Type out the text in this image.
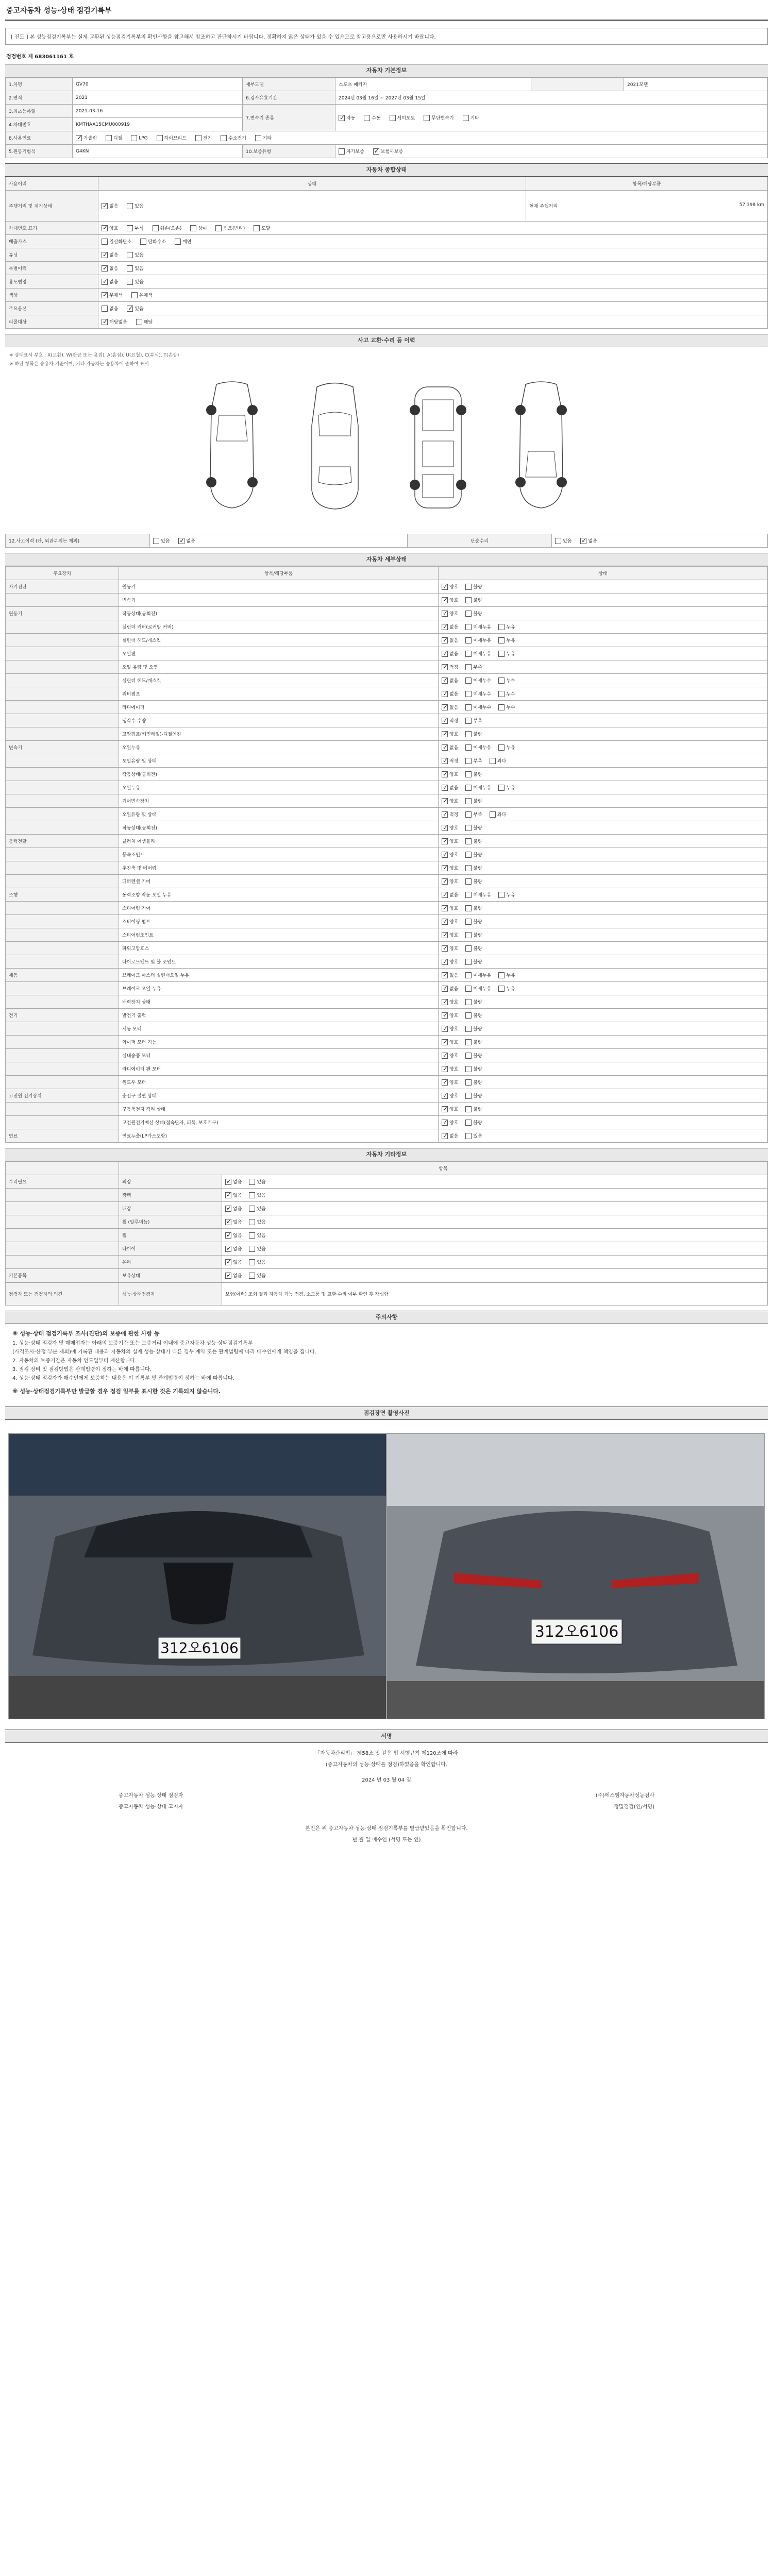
중고자동차 성능·상태 점검기록부
[ 진도 ] 본 성능점검기록부는 실제 교환된 성능점검기록부의 확인사항을 참고해서 참조하고 판단하시기 바랍니다. 정확하지 않은 상태가 있을 수 있으므로 참고용으로만 사용하시기 바랍니다.
점검번호 제 683061161 호
자동차 기본정보
1.차명	GV70	세부모델	스포츠 패키지		2021모델
2.연식	2021	6.검사유효기간	2024년 03월 16일 ~ 2027년 03월 15일		
3.최초등록일	2021-03-16	7.변속기 종류	✓자동 수동 세미오토 무단변속기 기타
4.차대번호	KMTHAA15CMU000919				
8.사용연료	✓가솔린 디젤 LPG 하이브리드 전기 수소전기 기타
5.원동기형식	G4KN	10.보증유형	자가보증 ✓ 보험사보증
자동차 종합상태
사용이력	상태	항목/해당부품
주행거리 및 계기상태	✓없음 있음	현재 주행거리 57,398 km

차대번호 표기	✓양호 부식 훼손(오손) 상이 변조(변타) 도말
배출가스	일산화탄소 탄화수소 매연	
튜닝	✓없음 있음
특별이력	✓없음 있음
용도변경	✓없음 있음
색상	✓무채색 유채색
주요옵션	없음 ✓ 있음
리콜대상	✓해당없음 해당
사고 교환·수리 등 이력
※ 상태표시 부호 : X(교환), W(판금 또는 용접), A(흠집), U(요철), C(부식), T(손상)
※ 하단 항목은 승용차 기준이며, 기타 자동차는 승용차에 준하여 표시
12.사고이력 (단, 외판부위는 제외)	있음 ✓	없음	단순수리	있음 ✓	없음
자동차 세부상태
주요장치	항목/해당부품	상태
자기진단	원동기	✓양호 불량
	변속기	✓양호 불량
원동기	작동상태(공회전)	✓양호 불량
	실린더 커버(로커암 커버)	✓없음 미세누유 누유
	실린더 헤드/개스킷	✓없음 미세누유 누유
	오일팬	✓없음 미세누유 누유
	오일 유량 및 오염	✓적정 부족
	실린더 헤드/개스킷	✓없음 미세누수 누수
	워터펌프	✓없음 미세누수 누수
	라디에이터	✓없음 미세누수 누수
	냉각수 수량	✓적정 부족
	고압펌프(커먼레일)-디젤엔진	✓양호 불량
변속기	오일누유	✓없음 미세누유 누유
	오일유량 및 상태	✓적정 부족 과다
	작동상태(공회전)	✓양호 불량
	오일누유	✓없음 미세누유 누유
	기어변속장치	✓양호 불량
	오일유량 및 상태	✓적정 부족 과다
	작동상태(공회전)	✓양호 불량
동력전달	클러치 어셈블리	✓양호 불량
	등속조인트	✓양호 불량
	추진축 및 베어링	✓양호 불량
	디퍼렌셜 기어	✓양호 불량
조향	동력조향 작동 오일 누유	✓없음 미세누유 누유
	스티어링 기어	✓양호 불량
	스티어링 펌프	✓양호 불량
	스티어링조인트	✓양호 불량
	파워고압호스	✓양호 불량
	타이로드엔드 및 볼 조인트	✓양호 불량
제동	브레이크 마스터 실린더오일 누유	✓없음 미세누유 누유
	브레이크 오일 누유	✓없음 미세누유 누유
	배력장치 상태	✓양호 불량
전기	발전기 출력	✓양호 불량
	시동 모터	✓양호 불량
	와이퍼 모터 기능	✓양호 불량
	실내송풍 모터	✓양호 불량
	라디에이터 팬 모터	✓양호 불량
	윈도우 모터	✓양호 불량
고전원 전기장치	충전구 절연 상태	✓양호 불량
	구동축전지 격리 상태	✓양호 불량
	고전원전기배선 상태(접속단자, 피복, 보호기구)	✓양호 불량
연료	연료누출(LP가스포함)	✓없음 있음
자동차 기타정보
	항목	
수리필요	외장	✓없음 있음
	광택	✓없음 있음
	내장	✓없음 있음
	휠 (알루미늄)	✓없음 있음
	휠	✓없음 있음
	타이어	✓없음 있음
	유리	✓없음 있음
기본품목	보유상태	✓없음 있음
점검자 또는 점검자의 의견	성능·상태점검자	보험(이력) 조회 결과 자동차 기능 점검, 소모품 및 교환·수리 여부 확인 후 작성함
주의사항
※ 성능·상태 점검기록부 조사(진단)의 보증에 관한 사항 등
1. 성능·상태 점검자 및 매매업자는 아래의 보증기간 또는 보증거리 이내에 중고자동차 성능·상태점검기록부
(가격조사·산정 부분 제외)에 기록된 내용과 자동차의 실제 성능·상태가 다른 경우 계약 또는 관계법령에 따라 매수인에게 책임을 집니다.
2. 자동차의 보증기간은 자동차 인도일부터 계산합니다.
3. 점검 장비 및 점검방법은 관계법령이 정하는 바에 따릅니다.
4. 성능·상태 점검자가 매수인에게 보증하는 내용은 이 기록부 및 관계법령이 정하는 바에 따릅니다.
※ 성능·상태점검기록부만 발급할 경우 점검 일부를 표시한 것은 기록되지 않습니다.
점검장면 촬영사진
312오6106
312오6106
서명
「자동차관리법」 제58조 및 같은 법 시행규칙 제120조에 따라
(중고자동차의 성능·상태를 점검)하였음을 확인합니다.
2024 년 03 월 04 일
중고자동차 성능·상태 점검자	(주)에스엠자동차성능검사
중고자동차 성능·상태 고지자	정밀점검(인/서명)
본인은 위 중고자동차 성능·상태 점검기록부를 발급받았음을 확인합니다.
년 월 일 매수인 (서명 또는 인)
